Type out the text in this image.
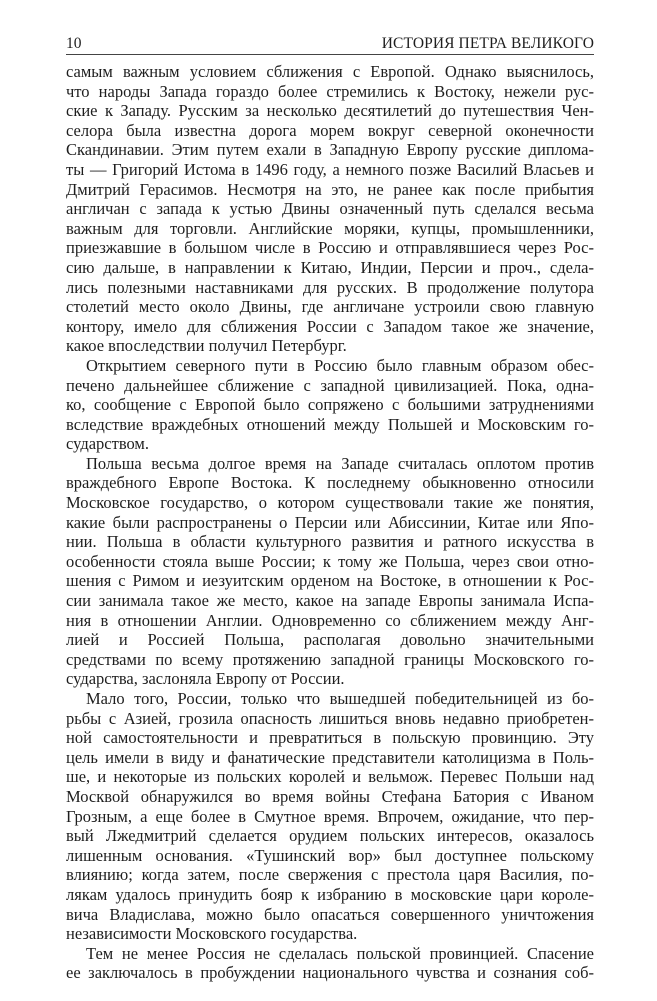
10	ИСТОРИЯ ПЕТРА ВЕЛИКОГО
самым важным условием сближения с Европой. Однако выяснилось,
что народы Запада гораздо более стремились к Востоку, нежели рус-
ские к Западу. Русским за несколько десятилетий до путешествия Чен-
селора была известна дорога морем вокруг северной оконечности
Скандинавии. Этим путем ехали в Западную Европу русские диплома-
ты — Григорий Истома в 1496 году, а немного позже Василий Власьев и
Дмитрий Герасимов. Несмотря на это, не ранее как после прибытия
англичан с запада к устью Двины означенный путь сделался весьма
важным для торговли. Английские моряки, купцы, промышленники,
приезжавшие в большом числе в Россию и отправлявшиеся через Рос-
сию дальше, в направлении к Китаю, Индии, Персии и проч., сдела-
лись полезными наставниками для русских. В продолжение полутора
столетий место около Двины, где англичане устроили свою главную
контору, имело для сближения России с Западом такое же значение,
какое впоследствии получил Петербург.
Открытием северного пути в Россию было главным образом обес-
печено дальнейшее сближение с западной цивилизацией. Пока, одна-
ко, сообщение с Европой было сопряжено с большими затруднениями
вследствие враждебных отношений между Польшей и Московским го-
сударством.
Польша весьма долгое время на Западе считалась оплотом против
враждебного Европе Востока. К последнему обыкновенно относили
Московское государство, о котором существовали такие же понятия,
какие были распространены о Персии или Абиссинии, Китае или Япо-
нии. Польша в области культурного развития и ратного искусства в
особенности стояла выше России; к тому же Польша, через свои отно-
шения с Римом и иезуитским орденом на Востоке, в отношении к Рос-
сии занимала такое же место, какое на западе Европы занимала Испа-
ния в отношении Англии. Одновременно со сближением между Анг-
лией и Россией Польша, располагая довольно значительными
средствами по всему протяжению западной границы Московского го-
сударства, заслоняла Европу от России.
Мало того, России, только что вышедшей победительницей из бо-
рьбы с Азией, грозила опасность лишиться вновь недавно приобретен-
ной самостоятельности и превратиться в польскую провинцию. Эту
цель имели в виду и фанатические представители католицизма в Поль-
ше, и некоторые из польских королей и вельмож. Перевес Польши над
Москвой обнаружился во время войны Стефана Батория с Иваном
Грозным, а еще более в Смутное время. Впрочем, ожидание, что пер-
вый Лжедмитрий сделается орудием польских интересов, оказалось
лишенным основания. «Тушинский вор» был доступнее польскому
влиянию; когда затем, после свержения с престола царя Василия, по-
лякам удалось принудить бояр к избранию в московские цари короле-
вича Владислава, можно было опасаться совершенного уничтожения
независимости Московского государства.
Тем не менее Россия не сделалась польской провинцией. Спасение
ее заключалось в пробуждении национального чувства и сознания соб-
